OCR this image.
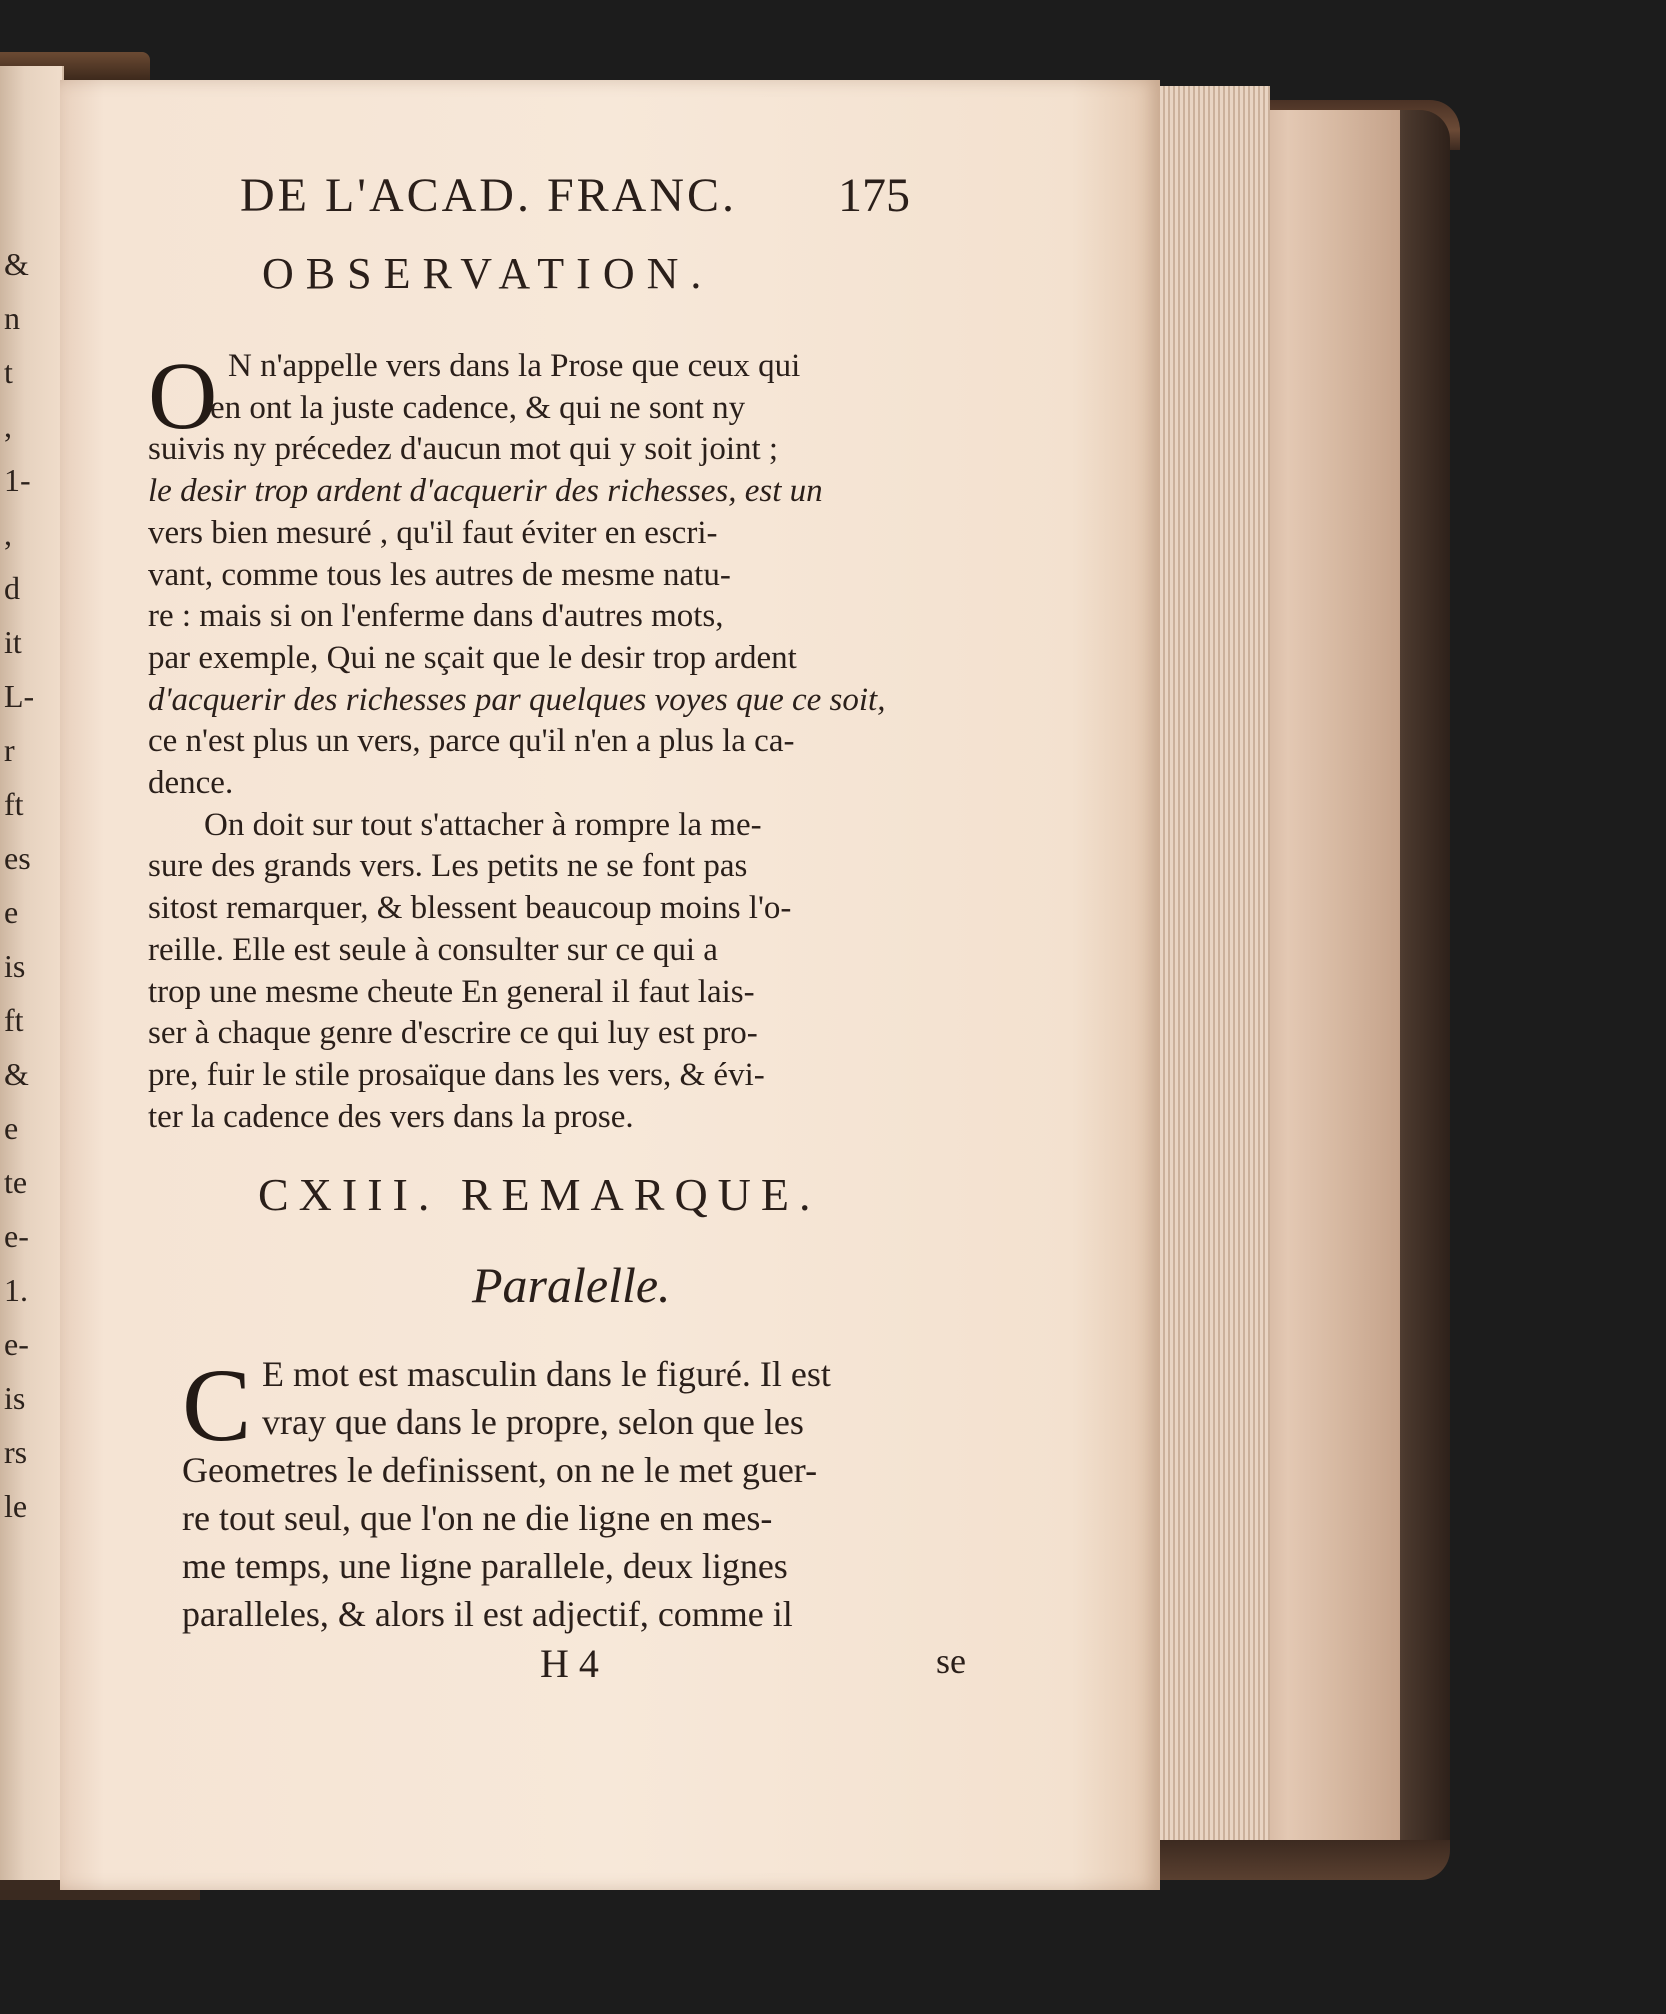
&
n
t
,
1-
,
d
it
L-
r
ft
es
e
is
ft
&
e
te
e-
1.
e-
is
rs
le
DE L'ACAD. FRANC. 175
OBSERVATION.
O N n'appelle vers dans la Prose que ceux qui
en ont la juste cadence, & qui ne sont ny
suivis ny précedez d'aucun mot qui y soit joint ;
le desir trop ardent d'acquerir des richesses, est un
vers bien mesuré , qu'il faut éviter en escri-
vant, comme tous les autres de mesme natu-
re : mais si on l'enferme dans d'autres mots,
par exemple, Qui ne sçait que le desir trop ardent
d'acquerir des richesses par quelques voyes que ce soit,
ce n'est plus un vers, parce qu'il n'en a plus la ca-
dence.
On doit sur tout s'attacher à rompre la me-
sure des grands vers. Les petits ne se font pas
sitost remarquer, & blessent beaucoup moins l'o-
reille. Elle est seule à consulter sur ce qui a
trop une mesme cheute En general il faut lais-
ser à chaque genre d'escrire ce qui luy est pro-
pre, fuir le stile prosaïque dans les vers, & évi-
ter la cadence des vers dans la prose.
CXIII. REMARQUE.
Paralelle.
C E mot est masculin dans le figuré. Il est
vray que dans le propre, selon que les
Geometres le definissent, on ne le met guer-
re tout seul, que l'on ne die ligne en mes-
me temps, une ligne parallele, deux lignes
paralleles, & alors il est adjectif, comme il
H 4	se
